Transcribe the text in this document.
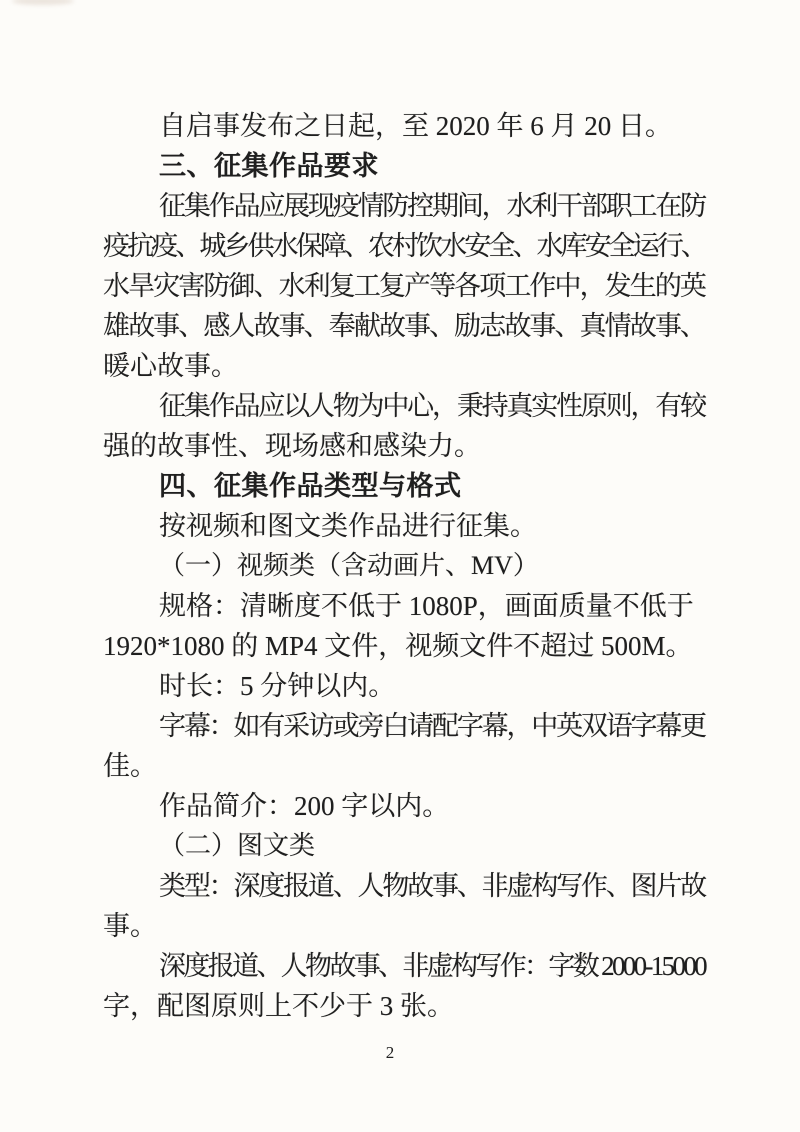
自启事发布之日起，至 2020 年 6 月 20 日。
三、征集作品要求
征集作品应展现疫情防控期间，水利干部职工在防
疫抗疫、城乡供水保障、农村饮水安全、水库安全运行、
水旱灾害防御、水利复工复产等各项工作中，发生的英
雄故事、感人故事、奉献故事、励志故事、真情故事、
暖心故事。
征集作品应以人物为中心，秉持真实性原则，有较
强的故事性、现场感和感染力。
四、征集作品类型与格式
按视频和图文类作品进行征集。
（一）视频类（含动画片、MV）
规格：清晰度不低于 1080P，画面质量不低于
1920*1080 的 MP4 文件，视频文件不超过 500M。
时长：5 分钟以内。
字幕：如有采访或旁白请配字幕，中英双语字幕更
佳。
作品简介：200 字以内。
（二）图文类
类型：深度报道、人物故事、非虚构写作、图片故
事。
深度报道、人物故事、非虚构写作：字数 2000-15000
字，配图原则上不少于 3 张。
2
